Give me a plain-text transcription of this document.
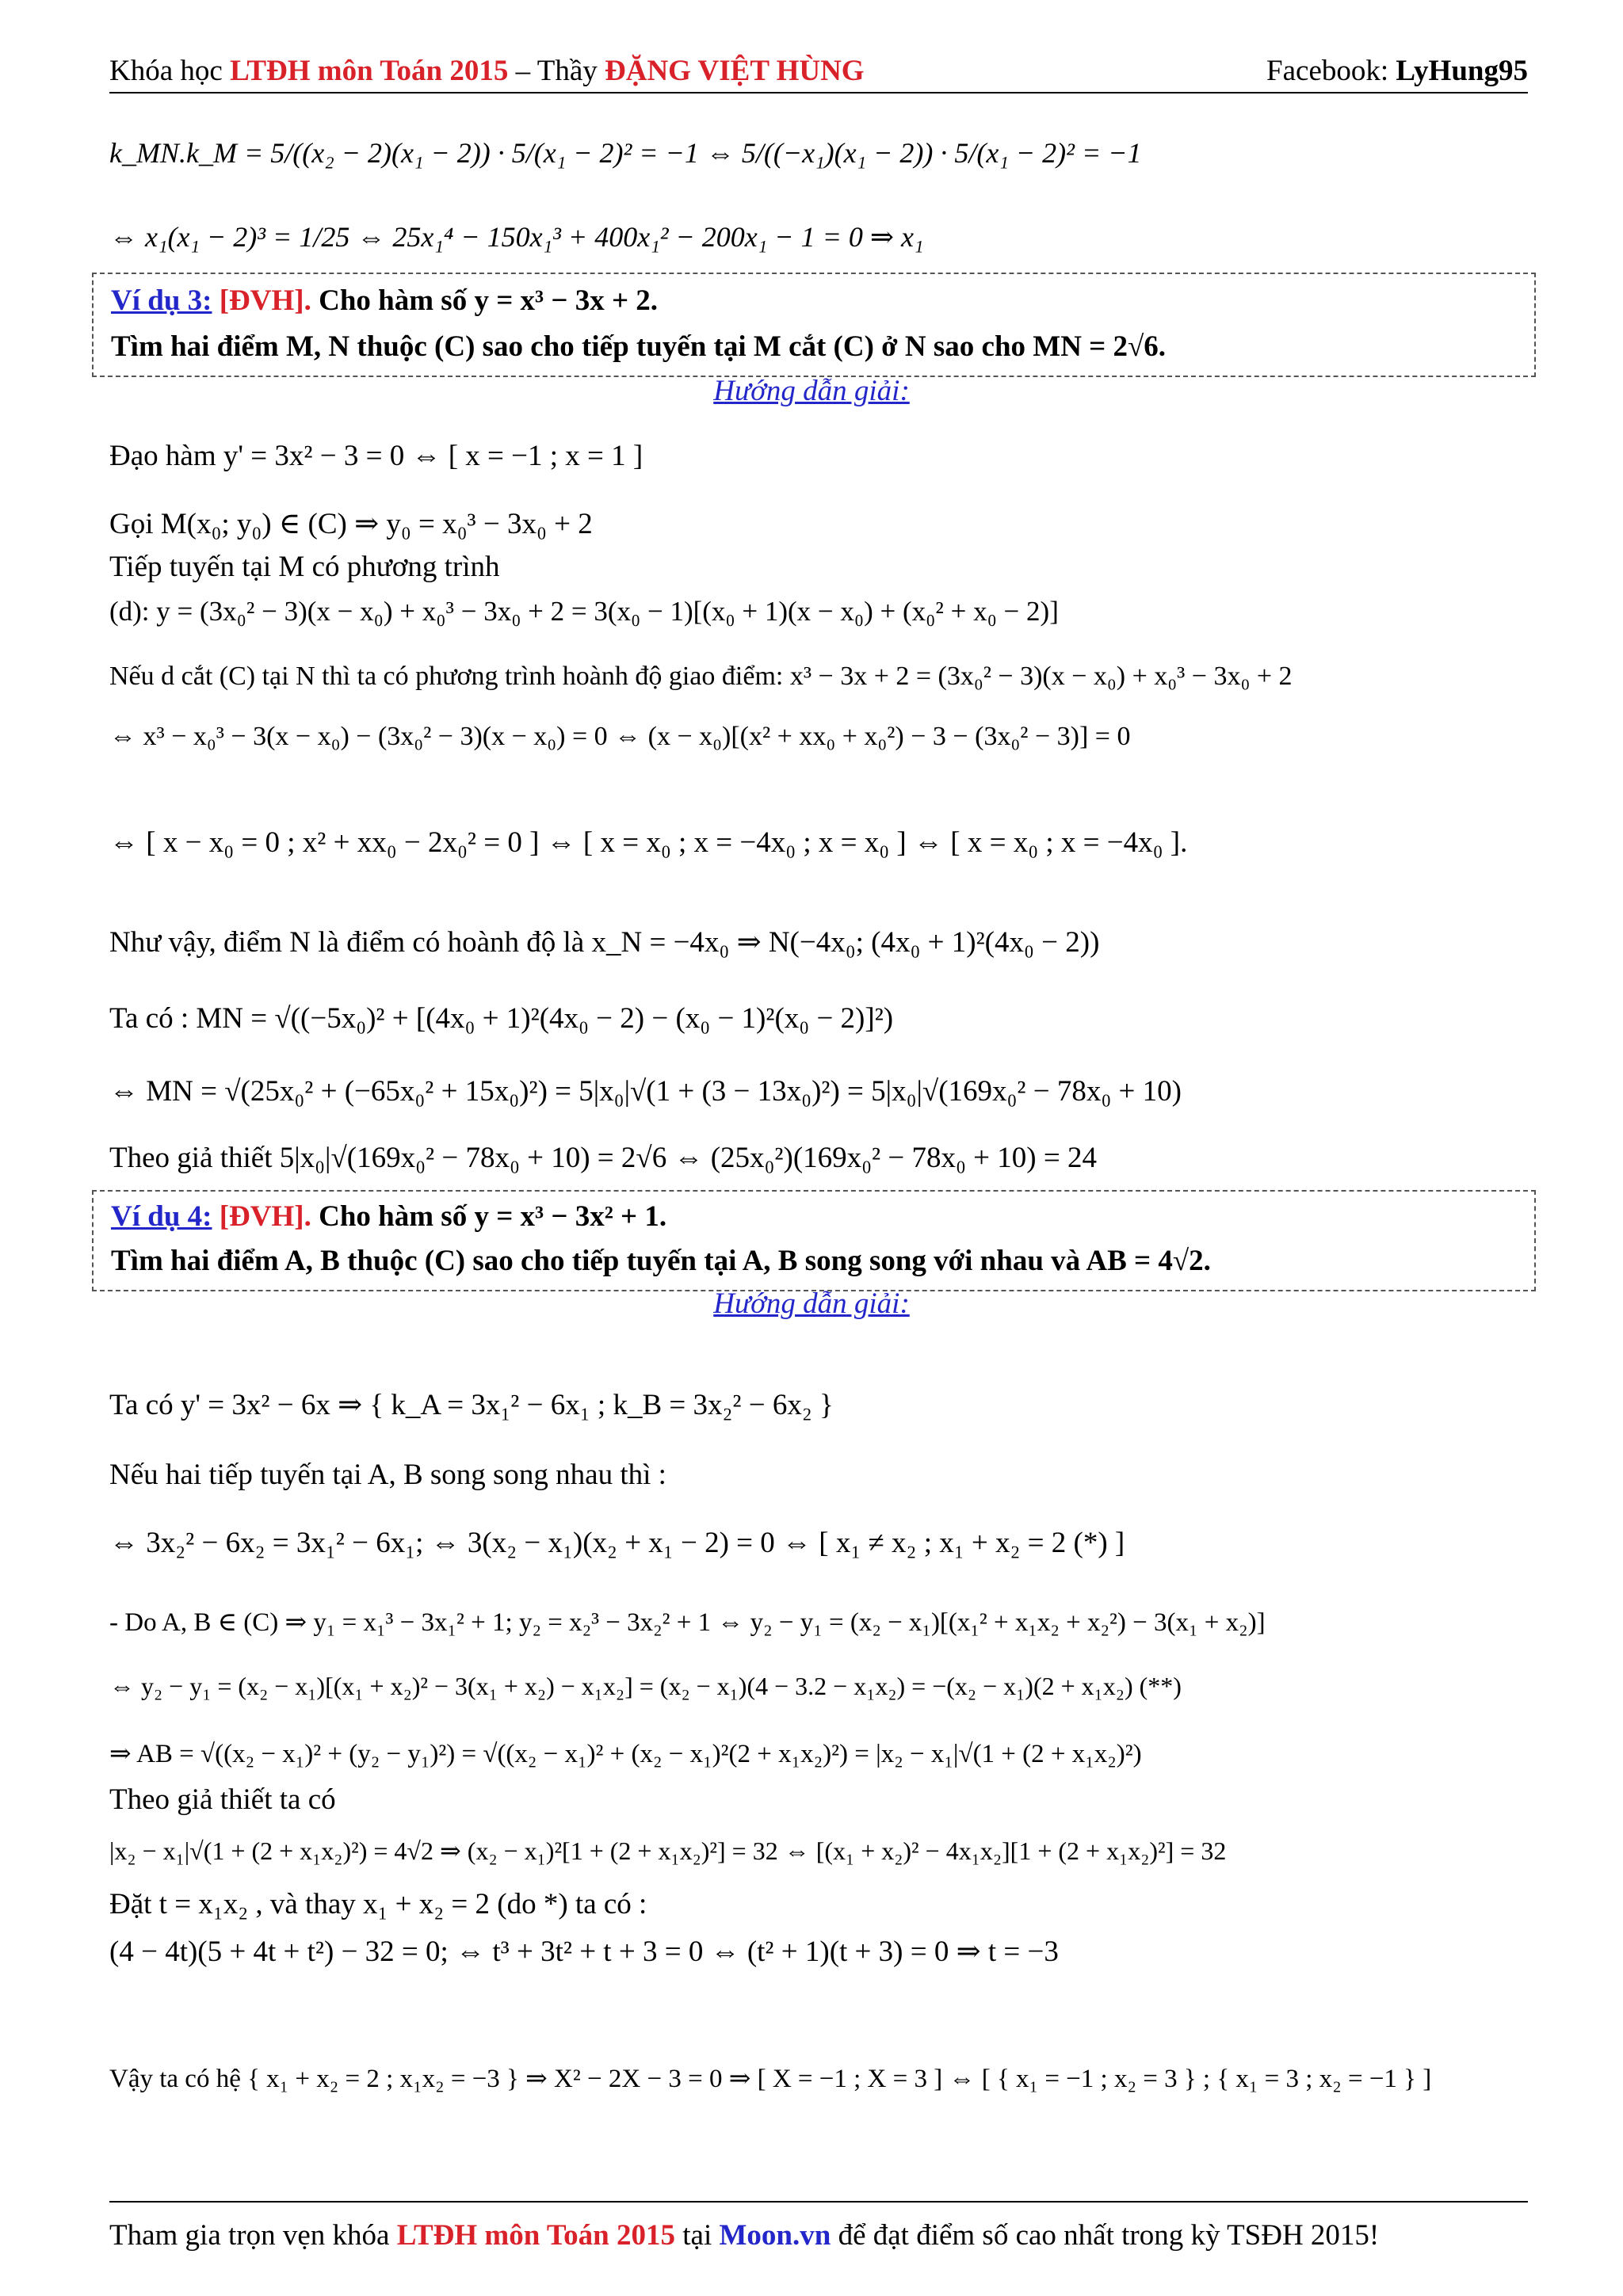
Khóa học LTĐH môn Toán 2015 – Thầy ĐẶNG VIỆT HÙNG	Facebook: LyHung95
k_MN.k_M = 5/((x₂ − 2)(x₁ − 2)) · 5/(x₁ − 2)² = −1 ⇔ 5/((−x₁)(x₁ − 2)) · 5/(x₁ − 2)² = −1
⇔ x₁(x₁ − 2)³ = 1/25 ⇔ 25x₁⁴ − 150x₁³ + 400x₁² − 200x₁ − 1 = 0 ⇒ x₁
Ví dụ 3: [ĐVH]. Cho hàm số y = x³ − 3x + 2.
Tìm hai điểm M, N thuộc (C) sao cho tiếp tuyến tại M cắt (C) ở N sao cho MN = 2√6.
Hướng dẫn giải:
Đạo hàm y' = 3x² − 3 = 0 ⇔ [ x = −1 ; x = 1 ]
Gọi M(x₀; y₀) ∈ (C) ⇒ y₀ = x₀³ − 3x₀ + 2
Tiếp tuyến tại M có phương trình
(d): y = (3x₀² − 3)(x − x₀) + x₀³ − 3x₀ + 2 = 3(x₀ − 1)[(x₀ + 1)(x − x₀) + (x₀² + x₀ − 2)]
Nếu d cắt (C) tại N thì ta có phương trình hoành độ giao điểm: x³ − 3x + 2 = (3x₀² − 3)(x − x₀) + x₀³ − 3x₀ + 2
⇔ x³ − x₀³ − 3(x − x₀) − (3x₀² − 3)(x − x₀) = 0 ⇔ (x − x₀)[(x² + xx₀ + x₀²) − 3 − (3x₀² − 3)] = 0
⇔ [ x − x₀ = 0 ; x² + xx₀ − 2x₀² = 0 ] ⇔ [ x = x₀ ; x = −4x₀ ; x = x₀ ] ⇔ [ x = x₀ ; x = −4x₀ ].
Như vậy, điểm N là điểm có hoành độ là x_N = −4x₀ ⇒ N(−4x₀; (4x₀ + 1)²(4x₀ − 2))
Ta có : MN = √((−5x₀)² + [(4x₀ + 1)²(4x₀ − 2) − (x₀ − 1)²(x₀ − 2)]²)
⇔ MN = √(25x₀² + (−65x₀² + 15x₀)²) = 5|x₀|√(1 + (3 − 13x₀)²) = 5|x₀|√(169x₀² − 78x₀ + 10)
Theo giả thiết 5|x₀|√(169x₀² − 78x₀ + 10) = 2√6 ⇔ (25x₀²)(169x₀² − 78x₀ + 10) = 24
Ví dụ 4: [ĐVH]. Cho hàm số y = x³ − 3x² + 1.
Tìm hai điểm A, B thuộc (C) sao cho tiếp tuyến tại A, B song song với nhau và AB = 4√2.
Hướng dẫn giải:
Ta có y' = 3x² − 6x ⇒ { k_A = 3x₁² − 6x₁ ; k_B = 3x₂² − 6x₂ }
Nếu hai tiếp tuyến tại A, B song song nhau thì :
⇔ 3x₂² − 6x₂ = 3x₁² − 6x₁; ⇔ 3(x₂ − x₁)(x₂ + x₁ − 2) = 0 ⇔ [ x₁ ≠ x₂ ; x₁ + x₂ = 2 (*) ]
- Do A, B ∈ (C) ⇒ y₁ = x₁³ − 3x₁² + 1; y₂ = x₂³ − 3x₂² + 1 ⇔ y₂ − y₁ = (x₂ − x₁)[(x₁² + x₁x₂ + x₂²) − 3(x₁ + x₂)]
⇔ y₂ − y₁ = (x₂ − x₁)[(x₁ + x₂)² − 3(x₁ + x₂) − x₁x₂] = (x₂ − x₁)(4 − 3.2 − x₁x₂) = −(x₂ − x₁)(2 + x₁x₂) (**)
⇒ AB = √((x₂ − x₁)² + (y₂ − y₁)²) = √((x₂ − x₁)² + (x₂ − x₁)²(2 + x₁x₂)²) = |x₂ − x₁|√(1 + (2 + x₁x₂)²)
Theo giả thiết ta có
|x₂ − x₁|√(1 + (2 + x₁x₂)²) = 4√2 ⇒ (x₂ − x₁)²[1 + (2 + x₁x₂)²] = 32 ⇔ [(x₁ + x₂)² − 4x₁x₂][1 + (2 + x₁x₂)²] = 32
Đặt t = x₁x₂ , và thay x₁ + x₂ = 2 (do *) ta có :
(4 − 4t)(5 + 4t + t²) − 32 = 0; ⇔ t³ + 3t² + t + 3 = 0 ⇔ (t² + 1)(t + 3) = 0 ⇒ t = −3
Vậy ta có hệ { x₁ + x₂ = 2 ; x₁x₂ = −3 } ⇒ X² − 2X − 3 = 0 ⇒ [ X = −1 ; X = 3 ] ⇔ [ { x₁ = −1 ; x₂ = 3 } ; { x₁ = 3 ; x₂ = −1 } ]
Tham gia trọn vẹn khóa LTĐH môn Toán 2015 tại Moon.vn để đạt điểm số cao nhất trong kỳ TSĐH 2015!
